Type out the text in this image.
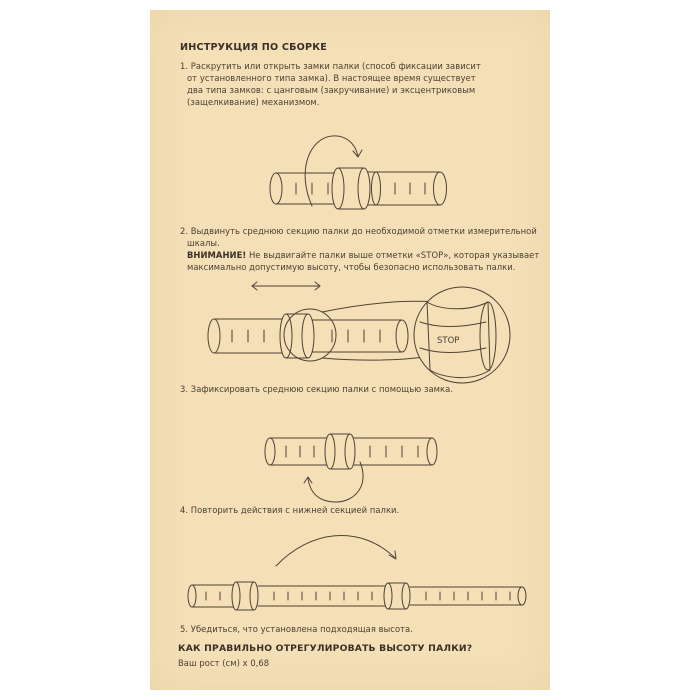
ИНСТРУКЦИЯ ПО СБОРКЕ
1. Раскрутить или открыть замки палки (способ фиксации зависит
от установленного типа замка). В настоящее время существует
два типа замков: с цанговым (закручивание) и эксцентриковым
(защелкивание) механизмом.
2. Выдвинуть среднюю секцию палки до необходимой отметки измерительной
шкалы.
ВНИМАНИЕ! Не выдвигайте палки выше отметки «STOP», которая указывает
максимально допустимую высоту, чтобы безопасно использовать палки.
STOP
3. Зафиксировать среднюю секцию палки с помощью замка.
4. Повторить действия с нижней секцией палки.
5. Убедиться, что установлена подходящая высота.
КАК ПРАВИЛЬНО ОТРЕГУЛИРОВАТЬ ВЫСОТУ ПАЛКИ?
Ваш рост (см) x 0,68
